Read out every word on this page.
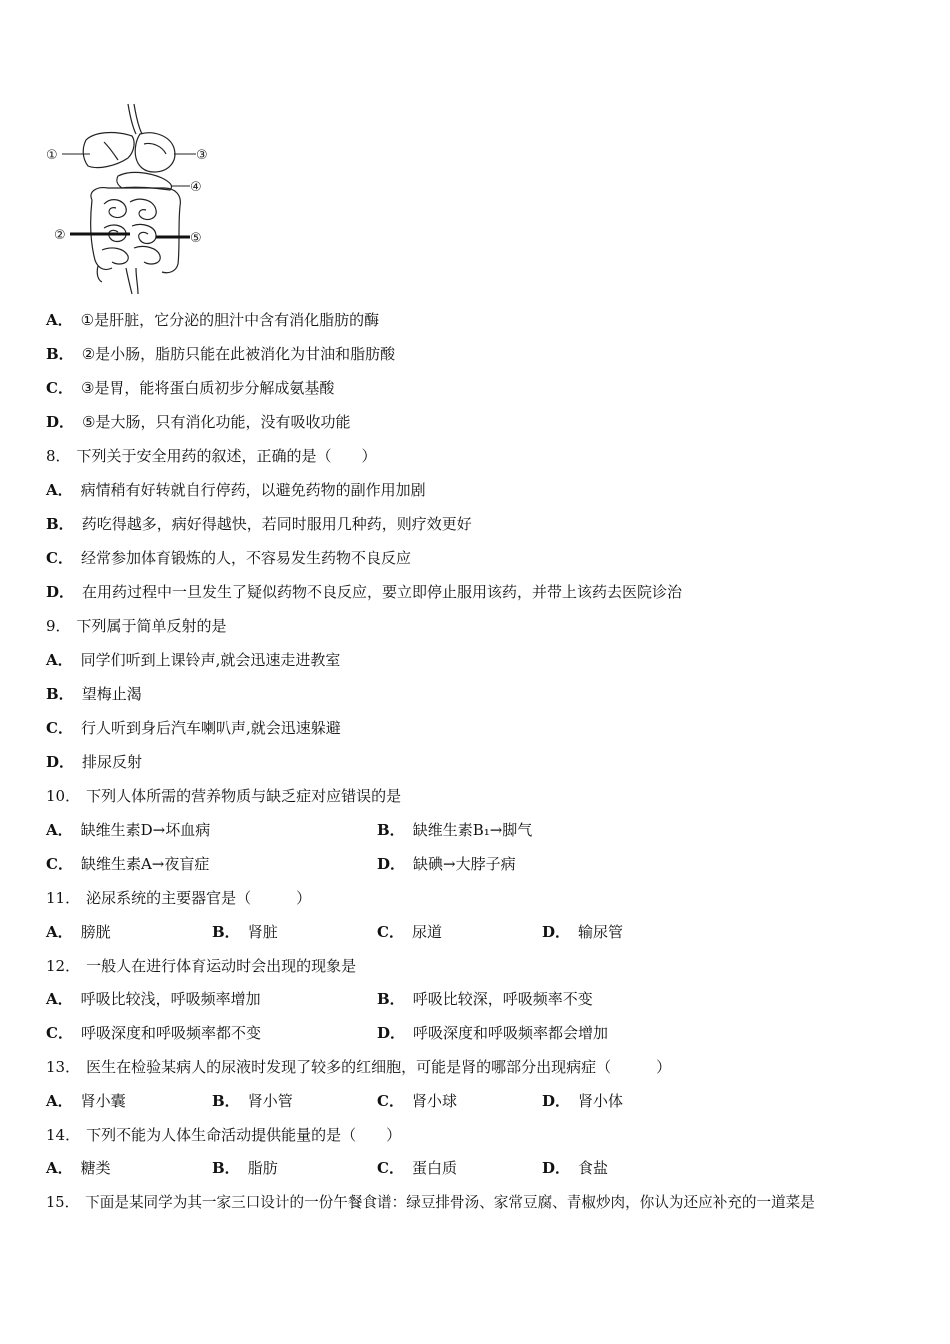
①
②
③
④
⑤
A． ①是肝脏，它分泌的胆汁中含有消化脂肪的酶
B． ②是小肠，脂肪只能在此被消化为甘油和脂肪酸
C． ③是胃，能将蛋白质初步分解成氨基酸
D． ⑤是大肠，只有消化功能，没有吸收功能
8． 下列关于安全用药的叙述，正确的是（　　）
A． 病情稍有好转就自行停药，以避免药物的副作用加剧
B． 药吃得越多，病好得越快，若同时服用几种药，则疗效更好
C． 经常参加体育锻炼的人，不容易发生药物不良反应
D． 在用药过程中一旦发生了疑似药物不良反应，要立即停止服用该药，并带上该药去医院诊治
9． 下列属于简单反射的是
A． 同学们听到上课铃声,就会迅速走进教室
B． 望梅止渴
C． 行人听到身后汽车喇叭声,就会迅速躲避
D． 排尿反射
10． 下列人体所需的营养物质与缺乏症对应错误的是
A． 缺维生素D→坏血病	B． 缺维生素B₁→脚气
C． 缺维生素A→夜盲症	D． 缺碘→大脖子病
11． 泌尿系统的主要器官是（　　　）
A． 膀胱	B． 肾脏	C． 尿道	D． 输尿管
12． 一般人在进行体育运动时会出现的现象是
A． 呼吸比较浅，呼吸频率增加	B． 呼吸比较深，呼吸频率不变
C． 呼吸深度和呼吸频率都不变	D． 呼吸深度和呼吸频率都会增加
13． 医生在检验某病人的尿液时发现了较多的红细胞，可能是肾的哪部分出现病症（　　　）
A． 肾小囊	B． 肾小管	C． 肾小球	D． 肾小体
14． 下列不能为人体生命活动提供能量的是（　　）
A． 糖类	B． 脂肪	C． 蛋白质	D． 食盐
15． 下面是某同学为其一家三口设计的一份午餐食谱：绿豆排骨汤、家常豆腐、青椒炒肉，你认为还应补充的一道菜是
